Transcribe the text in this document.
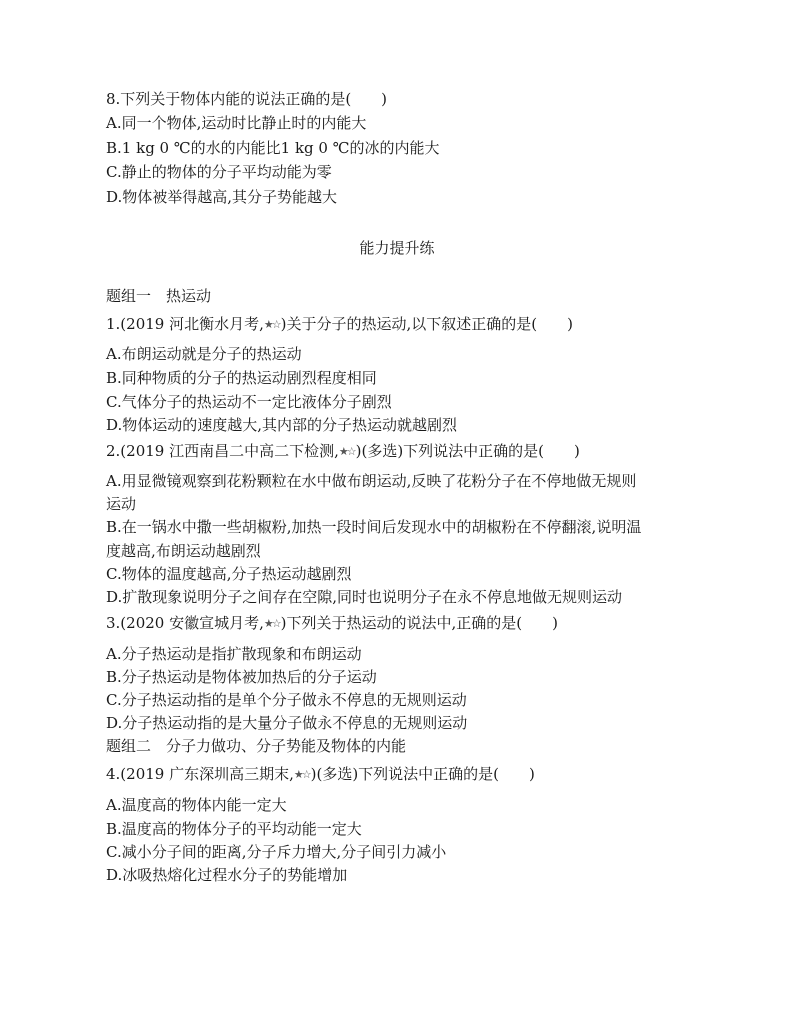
8.下列关于物体内能的说法正确的是(　　)
A.同一个物体,运动时比静止时的内能大
B.1 kg 0 ℃的水的内能比1 kg 0 ℃的冰的内能大
C.静止的物体的分子平均动能为零
D.物体被举得越高,其分子势能越大
能力提升练
题组一　热运动
1.(2019 河北衡水月考,★☆)关于分子的热运动,以下叙述正确的是(　　)
A.布朗运动就是分子的热运动
B.同种物质的分子的热运动剧烈程度相同
C.气体分子的热运动不一定比液体分子剧烈
D.物体运动的速度越大,其内部的分子热运动就越剧烈
2.(2019 江西南昌二中高二下检测,★☆)(多选)下列说法中正确的是(　　)
A.用显微镜观察到花粉颗粒在水中做布朗运动,反映了花粉分子在不停地做无规则
运动
B.在一锅水中撒一些胡椒粉,加热一段时间后发现水中的胡椒粉在不停翻滚,说明温
度越高,布朗运动越剧烈
C.物体的温度越高,分子热运动越剧烈
D.扩散现象说明分子之间存在空隙,同时也说明分子在永不停息地做无规则运动
3.(2020 安徽宣城月考,★☆)下列关于热运动的说法中,正确的是(　　)
A.分子热运动是指扩散现象和布朗运动
B.分子热运动是物体被加热后的分子运动
C.分子热运动指的是单个分子做永不停息的无规则运动
D.分子热运动指的是大量分子做永不停息的无规则运动
题组二　分子力做功、分子势能及物体的内能
4.(2019 广东深圳高三期末,★☆)(多选)下列说法中正确的是(　　)
A.温度高的物体内能一定大
B.温度高的物体分子的平均动能一定大
C.减小分子间的距离,分子斥力增大,分子间引力减小
D.冰吸热熔化过程水分子的势能增加
